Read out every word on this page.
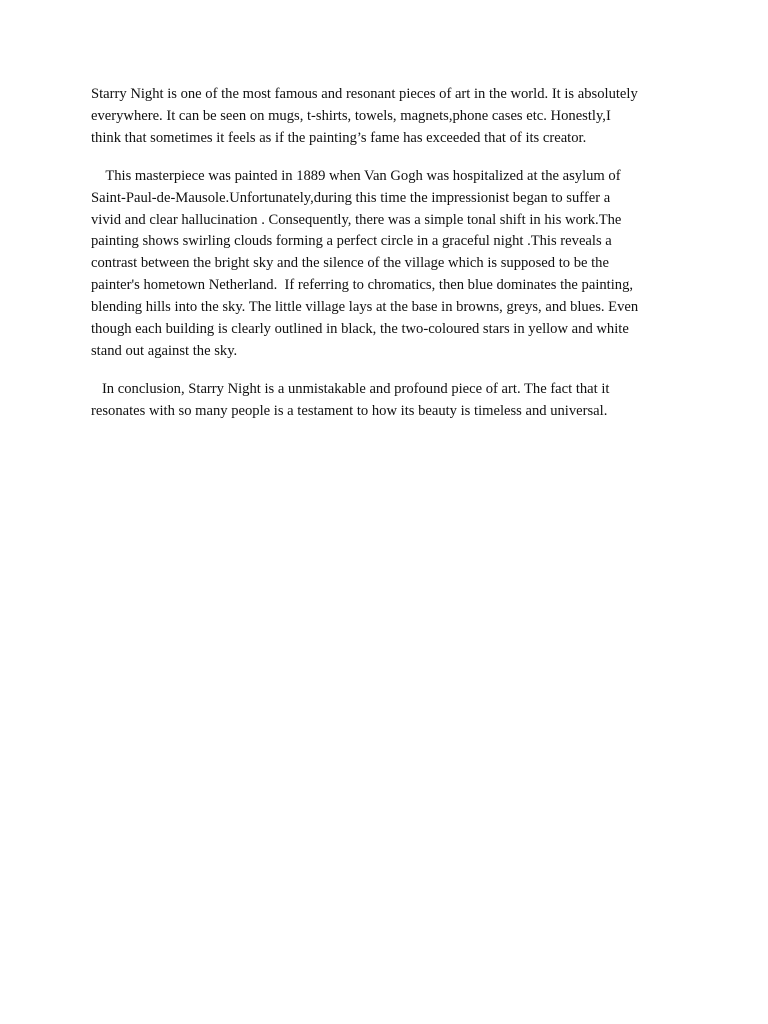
Starry Night is one of the most famous and resonant pieces of art in the world. It is absolutely
everywhere. It can be seen on mugs, t-shirts, towels, magnets,phone cases etc. Honestly,I
think that sometimes it feels as if the painting’s fame has exceeded that of its creator.

This masterpiece was painted in 1889 when Van Gogh was hospitalized at the asylum of
Saint-Paul-de-Mausole.Unfortunately,during this time the impressionist began to suffer a
vivid and clear hallucination . Consequently, there was a simple tonal shift in his work.The
painting shows swirling clouds forming a perfect circle in a graceful night .This reveals a
contrast between the bright sky and the silence of the village which is supposed to be the
painter's hometown Netherland.  If referring to chromatics, then blue dominates the painting,
blending hills into the sky. The little village lays at the base in browns, greys, and blues. Even
though each building is clearly outlined in black, the two-coloured stars in yellow and white
stand out against the sky.

In conclusion, Starry Night is a unmistakable and profound piece of art. The fact that it
resonates with so many people is a testament to how its beauty is timeless and universal.
